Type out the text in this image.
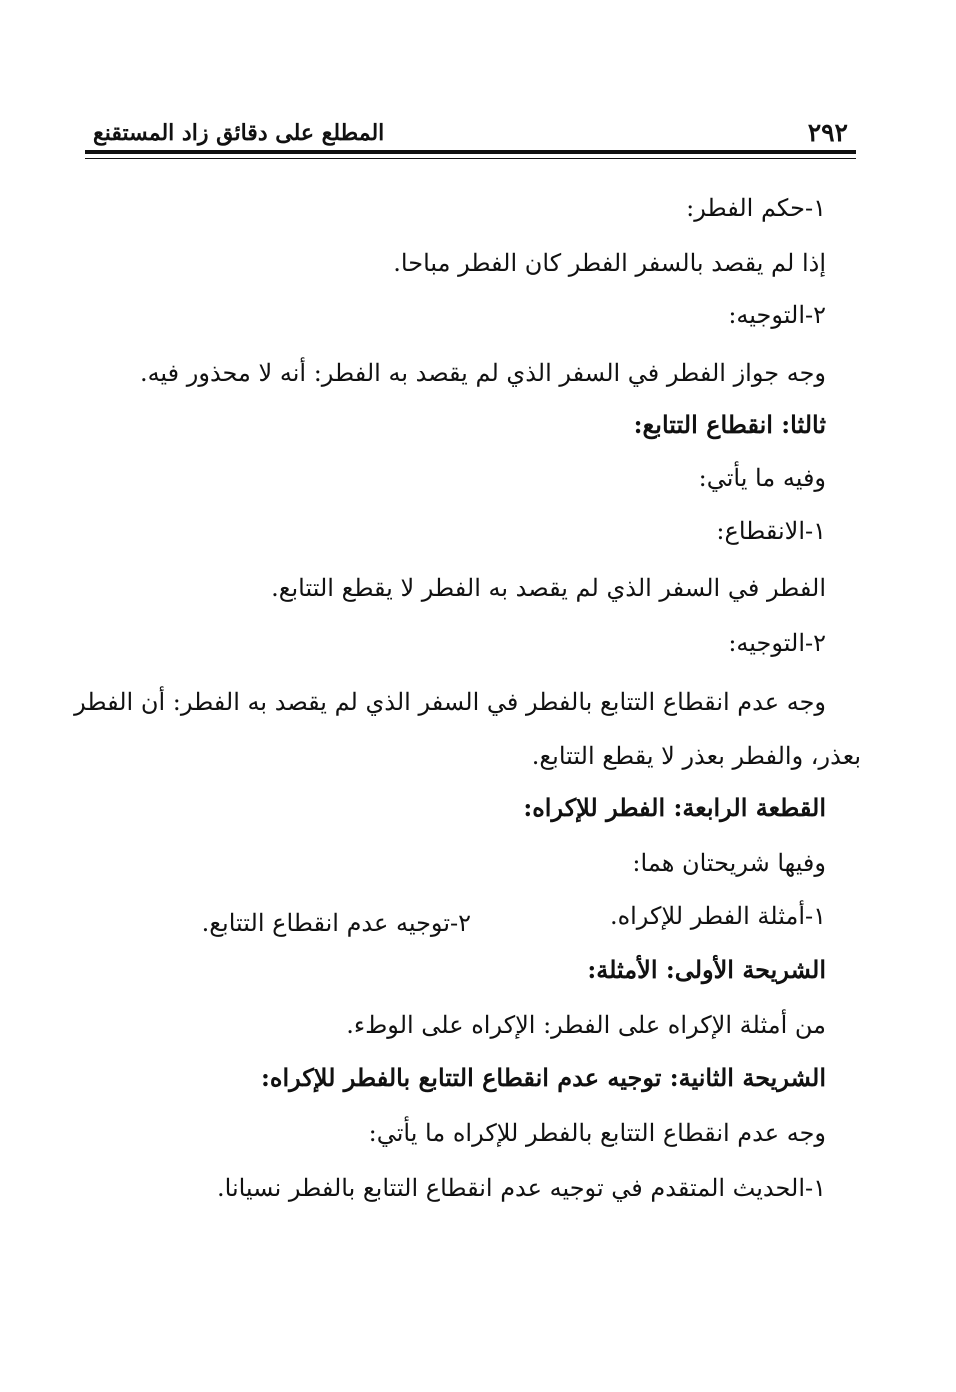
٢٩٢
المطلع على دقائق زاد المستقنع
١-حكم الفطر:
إذا لم يقصد بالسفر الفطر كان الفطر مباحا.
٢-التوجيه:
وجه جواز الفطر في السفر الذي لم يقصد به الفطر: أنه لا محذور فيه.
ثالثا: انقطاع التتابع:
وفيه ما يأتي:
١-الانقطاع:
الفطر في السفر الذي لم يقصد به الفطر لا يقطع التتابع.
٢-التوجيه:
وجه عدم انقطاع التتابع بالفطر في السفر الذي لم يقصد به الفطر: أن الفطر
بعذر، والفطر بعذر لا يقطع التتابع.
القطعة الرابعة: الفطر للإكراه:
وفيها شريحتان هما:
١-أمثلة الفطر للإكراه.
٢-توجيه عدم انقطاع التتابع.
الشريحة الأولى: الأمثلة:
من أمثلة الإكراه على الفطر: الإكراه على الوطء.
الشريحة الثانية: توجيه عدم انقطاع التتابع بالفطر للإكراه:
وجه عدم انقطاع التتابع بالفطر للإكراه ما يأتي:
١-الحديث المتقدم في توجيه عدم انقطاع التتابع بالفطر نسيانا.
